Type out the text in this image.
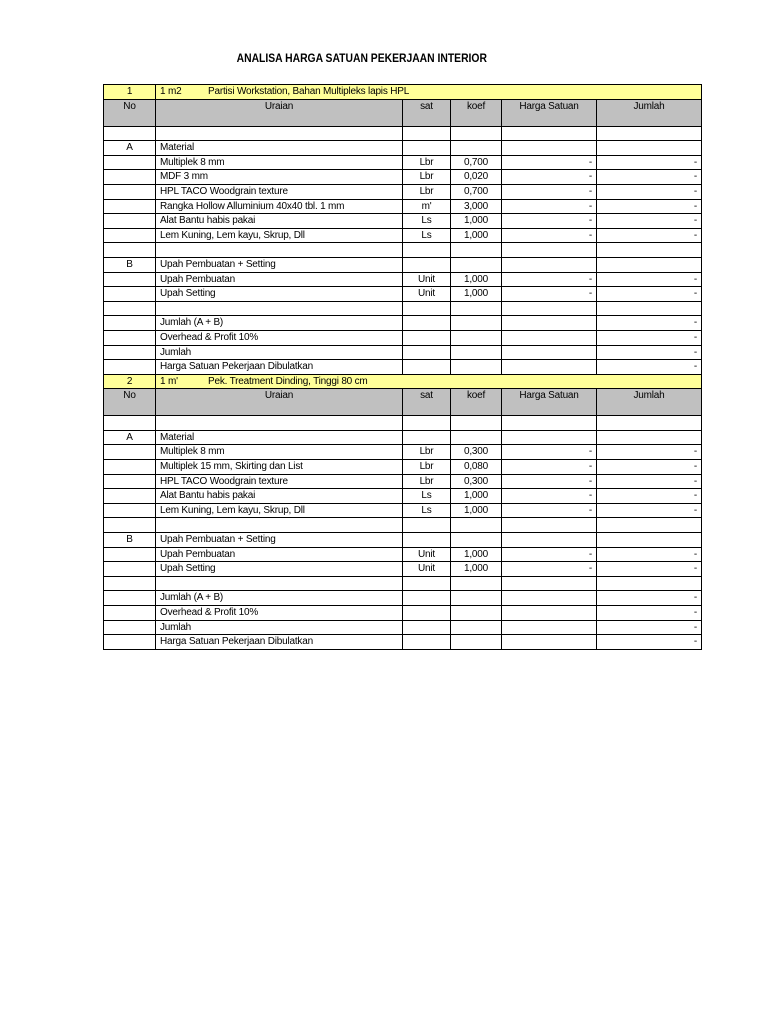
ANALISA HARGA SATUAN PEKERJAAN INTERIOR
1	1 m2 Partisi Workstation, Bahan Multipleks lapis HPL				
No	Uraian	sat	koef	Harga Satuan	Jumlah

A	Material				
	Multiplek 8 mm	Lbr	0,700	-	-
	MDF 3 mm	Lbr	0,020	-	-
	HPL TACO Woodgrain texture	Lbr	0,700	-	-
	Rangka Hollow Alluminium 40x40 tbl. 1 mm	m'	3,000	-	-
	Alat Bantu habis pakai	Ls	1,000	-	-
	Lem Kuning, Lem kayu, Skrup, Dll	Ls	1,000	-	-

B	Upah Pembuatan + Setting				
	Upah Pembuatan	Unit	1,000	-	-
	Upah Setting	Unit	1,000	-	-

	Jumlah (A + B)				-
	Overhead & Profit 10%				-
	Jumlah				-
	Harga Satuan Pekerjaan Dibulatkan				-
2	1 m' Pek. Treatment Dinding, Tinggi 80 cm				
No	Uraian	sat	koef	Harga Satuan	Jumlah

A	Material				
	Multiplek 8 mm	Lbr	0,300	-	-
	Multiplek 15 mm, Skirting dan List	Lbr	0,080	-	-
	HPL TACO Woodgrain texture	Lbr	0,300	-	-
	Alat Bantu habis pakai	Ls	1,000	-	-
	Lem Kuning, Lem kayu, Skrup, Dll	Ls	1,000	-	-

B	Upah Pembuatan + Setting				
	Upah Pembuatan	Unit	1,000	-	-
	Upah Setting	Unit	1,000	-	-

	Jumlah (A + B)				-
	Overhead & Profit 10%				-
	Jumlah				-
	Harga Satuan Pekerjaan Dibulatkan				-
